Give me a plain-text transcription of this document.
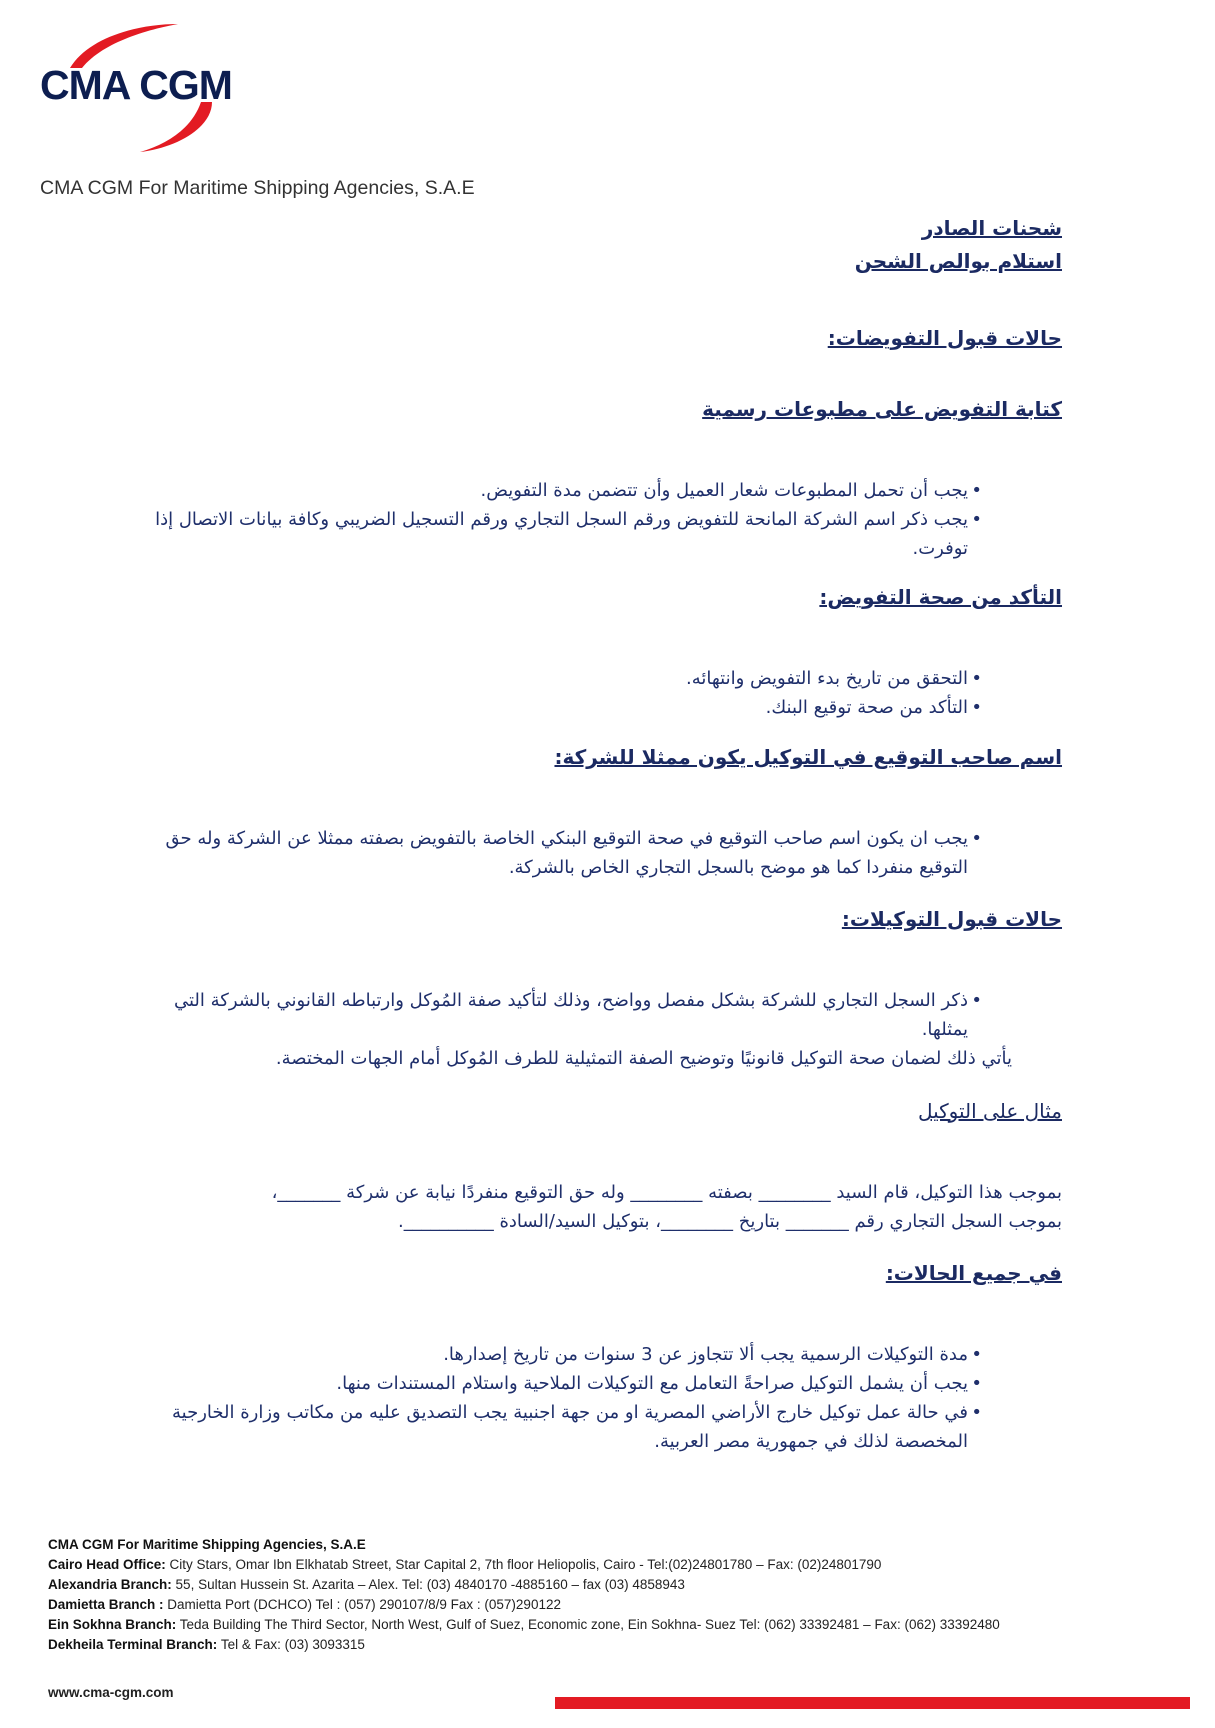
CMA CGM

CMA CGM For Maritime Shipping Agencies, S.A.E

شحنات الصادر

استلام بوالص الشحن

حالات قبول التفويضات:

كتابة التفويض على مطبوعات رسمية

• يجب أن تحمل المطبوعات شعار العميل وأن تتضمن مدة التفويض.
• يجب ذكر اسم الشركة المانحة للتفويض ورقم السجل التجاري ورقم التسجيل الضريبي وكافة بيانات الاتصال إذا توفرت.

التأكد من صحة التفويض:

• التحقق من تاريخ بدء التفويض وانتهائه.
• التأكد من صحة توقيع البنك.

اسم صاحب التوقيع في التوكيل يكون ممثلا للشركة:

• يجب ان يكون اسم صاحب التوقيع في صحة التوقيع البنكي الخاصة بالتفويض بصفته ممثلا عن الشركة وله حق التوقيع منفردا كما هو موضح بالسجل التجاري الخاص بالشركة.

حالات قبول التوكيلات:

• ذكر السجل التجاري للشركة بشكل مفصل وواضح، وذلك لتأكيد صفة المُوكل وارتباطه القانوني بالشركة التي يمثلها.

يأتي ذلك لضمان صحة التوكيل قانونيًا وتوضيح الصفة التمثيلية للطرف المُوكل أمام الجهات المختصة.

مثال على التوكيل

بموجب هذا التوكيل، قام السيد ________ بصفته ________ وله حق التوقيع منفردًا نيابة عن شركة _______،

بموجب السجل التجاري رقم _______ بتاريخ ________، بتوكيل السيد/السادة __________.

في جميع الحالات:

• مدة التوكيلات الرسمية يجب ألا تتجاوز عن 3 سنوات من تاريخ إصدارها.
• يجب أن يشمل التوكيل صراحةً التعامل مع التوكيلات الملاحية واستلام المستندات منها.
• في حالة عمل توكيل خارج الأراضي المصرية او من جهة اجنبية يجب التصديق عليه من مكاتب وزارة الخارجية المخصصة لذلك في جمهورية مصر العربية.

CMA CGM For Maritime Shipping Agencies, S.A.E

Cairo Head Office: City Stars, Omar Ibn Elkhatab Street, Star Capital 2, 7th floor Heliopolis, Cairo - Tel:(02)24801780 – Fax: (02)24801790

Alexandria Branch: 55, Sultan Hussein St. Azarita – Alex. Tel: (03) 4840170 -4885160 – fax (03) 4858943

Damietta Branch : Damietta Port (DCHCO) Tel : (057) 290107/8/9 Fax : (057)290122

Ein Sokhna Branch: Teda Building The Third Sector, North West, Gulf of Suez, Economic zone, Ein Sokhna- Suez Tel: (062) 33392481 – Fax: (062) 33392480

Dekheila Terminal Branch: Tel & Fax: (03) 3093315

www.cma-cgm.com
